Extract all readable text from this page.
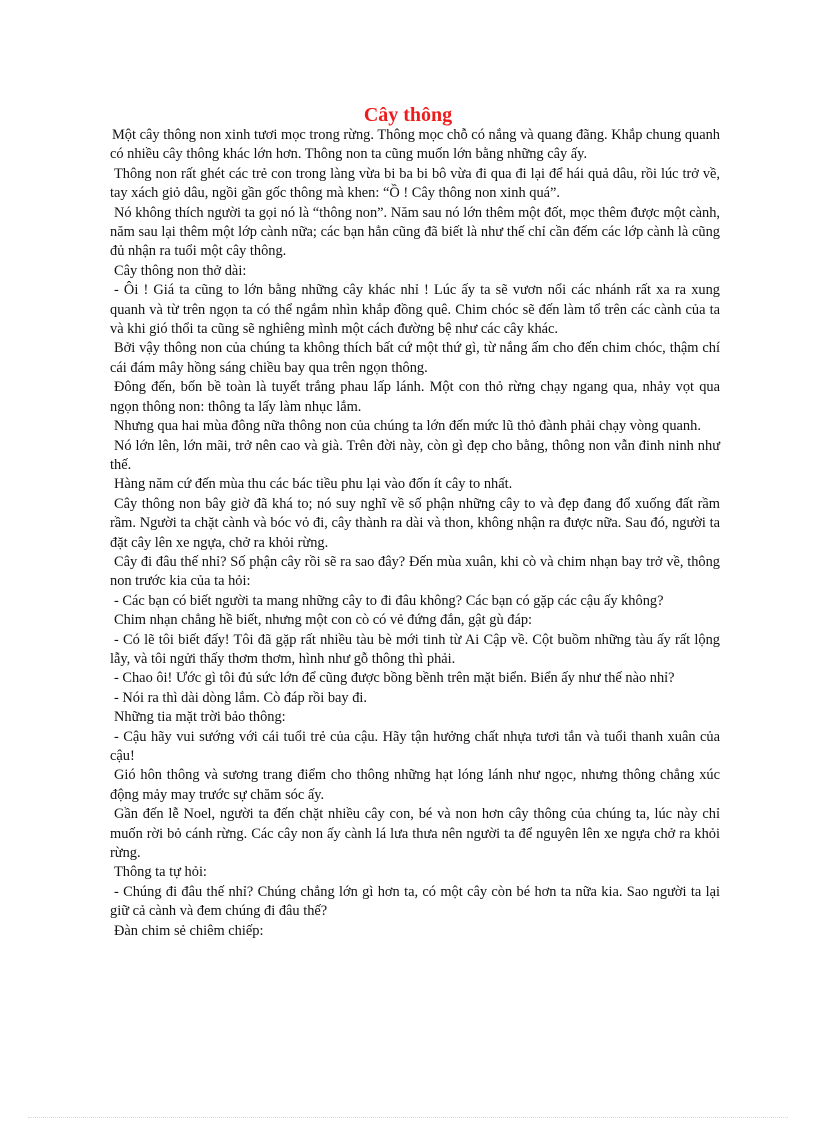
Cây thông

Một cây thông non xinh tươi mọc trong rừng. Thông mọc chỗ có nắng và quang đãng. Khắp chung quanh có nhiều cây thông khác lớn hơn. Thông non ta cũng muốn lớn bằng những cây ấy.

Thông non rất ghét các trẻ con trong làng vừa bi ba bi bô vừa đi qua đi lại để hái quả dâu, rồi lúc trở về, tay xách giỏ dâu, ngồi gần gốc thông mà khen: “Ồ ! Cây thông non xinh quá”.

Nó không thích người ta gọi nó là “thông non”. Năm sau nó lớn thêm một đốt, mọc thêm được một cành, năm sau lại thêm một lớp cành nữa; các bạn hẳn cũng đã biết là như thế chỉ cần đếm các lớp cành là cũng đủ nhận ra tuổi một cây thông.

Cây thông non thở dài:

- Ôi ! Giá ta cũng to lớn bằng những cây khác nhỉ ! Lúc ấy ta sẽ vươn nổi các nhánh rất xa ra xung quanh và từ trên ngọn ta có thể ngắm nhìn khắp đồng quê. Chim chóc sẽ đến làm tổ trên các cành của ta và khi gió thổi ta cũng sẽ nghiêng mình một cách đường bệ như các cây khác.

Bởi vậy thông non của chúng ta không thích bất cứ một thứ gì, từ nắng ấm cho đến chim chóc, thậm chí cái đám mây hồng sáng chiều bay qua trên ngọn thông.

Đông đến, bốn bề toàn là tuyết trắng phau lấp lánh. Một con thỏ rừng chạy ngang qua, nhảy vọt qua ngọn thông non: thông ta lấy làm nhục lắm.

Nhưng qua hai mùa đông nữa thông non của chúng ta lớn đến mức lũ thỏ đành phải chạy vòng quanh.

Nó lớn lên, lớn mãi, trở nên cao và già. Trên đời này, còn gì đẹp cho bằng, thông non vẫn đinh ninh như thế.

Hàng năm cứ đến mùa thu các bác tiều phu lại vào đốn ít cây to nhất.

Cây thông non bây giờ đã khá to; nó suy nghĩ về số phận những cây to và đẹp đang đổ xuống đất rầm rầm. Người ta chặt cành và bóc vỏ đi, cây thành ra dài và thon, không nhận ra được nữa. Sau đó, người ta đặt cây lên xe ngựa, chở ra khỏi rừng.

Cây đi đâu thế nhỉ? Số phận cây rồi sẽ ra sao đây? Đến mùa xuân, khi cò và chim nhạn bay trở về, thông non trước kia của ta hỏi:

- Các bạn có biết người ta mang những cây to đi đâu không? Các bạn có gặp các cậu ấy không?

Chim nhạn chẳng hề biết, nhưng một con cò có vẻ đứng đắn, gật gù đáp:

- Có lẽ tôi biết đấy! Tôi đã gặp rất nhiều tàu bè mới tinh từ Ai Cập về. Cột buồm những tàu ấy rất lộng lẫy, và tôi ngửi thấy thơm thơm, hình như gỗ thông thì phải.

- Chao ôi! Ước gì tôi đủ sức lớn để cũng được bồng bềnh trên mặt biển. Biển ấy như thế nào nhỉ?

- Nói ra thì dài dòng lắm. Cò đáp rồi bay đi.

Những tia mặt trời bảo thông:

- Cậu hãy vui sướng với cái tuổi trẻ của cậu. Hãy tận hưởng chất nhựa tươi tắn và tuổi thanh xuân của cậu!

Gió hôn thông và sương trang điểm cho thông những hạt lóng lánh như ngọc, nhưng thông chẳng xúc động mảy may trước sự chăm sóc ấy.

Gần đến lễ Noel, người ta đến chặt nhiều cây con, bé và non hơn cây thông của chúng ta, lúc này chỉ muốn rời bỏ cánh rừng. Các cây non ấy cành lá lưa thưa nên người ta để nguyên lên xe ngựa chở ra khỏi rừng.

Thông ta tự hỏi:

- Chúng đi đâu thế nhỉ? Chúng chẳng lớn gì hơn ta, có một cây còn bé hơn ta nữa kia. Sao người ta lại giữ cả cành và đem chúng đi đâu thế?

Đàn chim sẻ chiêm chiếp:
